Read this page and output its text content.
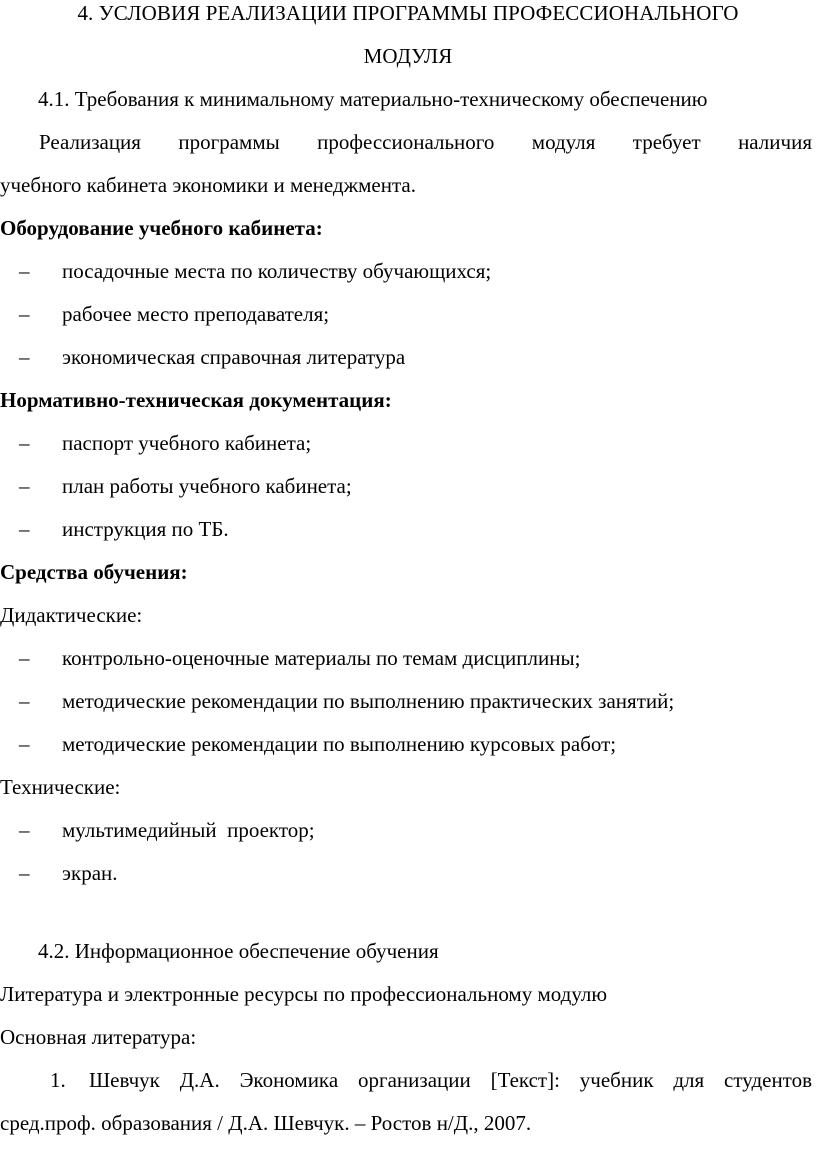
4. УСЛОВИЯ РЕАЛИЗАЦИИ ПРОГРАММЫ ПРОФЕССИОНАЛЬНОГО

МОДУЛЯ

4.1. Требования к минимальному материально-техническому обеспечению

Реализация программы профессионального модуля требует наличия

учебного кабинета экономики и менеджмента.

Оборудование учебного кабинета:

– посадочные места по количеству обучающихся;

– рабочее место преподавателя;

– экономическая справочная литература

Нормативно-техническая документация:

– паспорт учебного кабинета;

– план работы учебного кабинета;

– инструкция по ТБ.

Средства обучения:

Дидактические:

– контрольно-оценочные материалы по темам дисциплины;

– методические рекомендации по выполнению практических занятий;

– методические рекомендации по выполнению курсовых работ;

Технические:

– мультимедийный  проектор;

– экран.

4.2. Информационное обеспечение обучения

Литература и электронные ресурсы по профессиональному модулю

Основная литература:

1. Шевчук Д.А. Экономика организации [Текст]: учебник для студентов

сред.проф. образования / Д.А. Шевчук. – Ростов н/Д., 2007.
